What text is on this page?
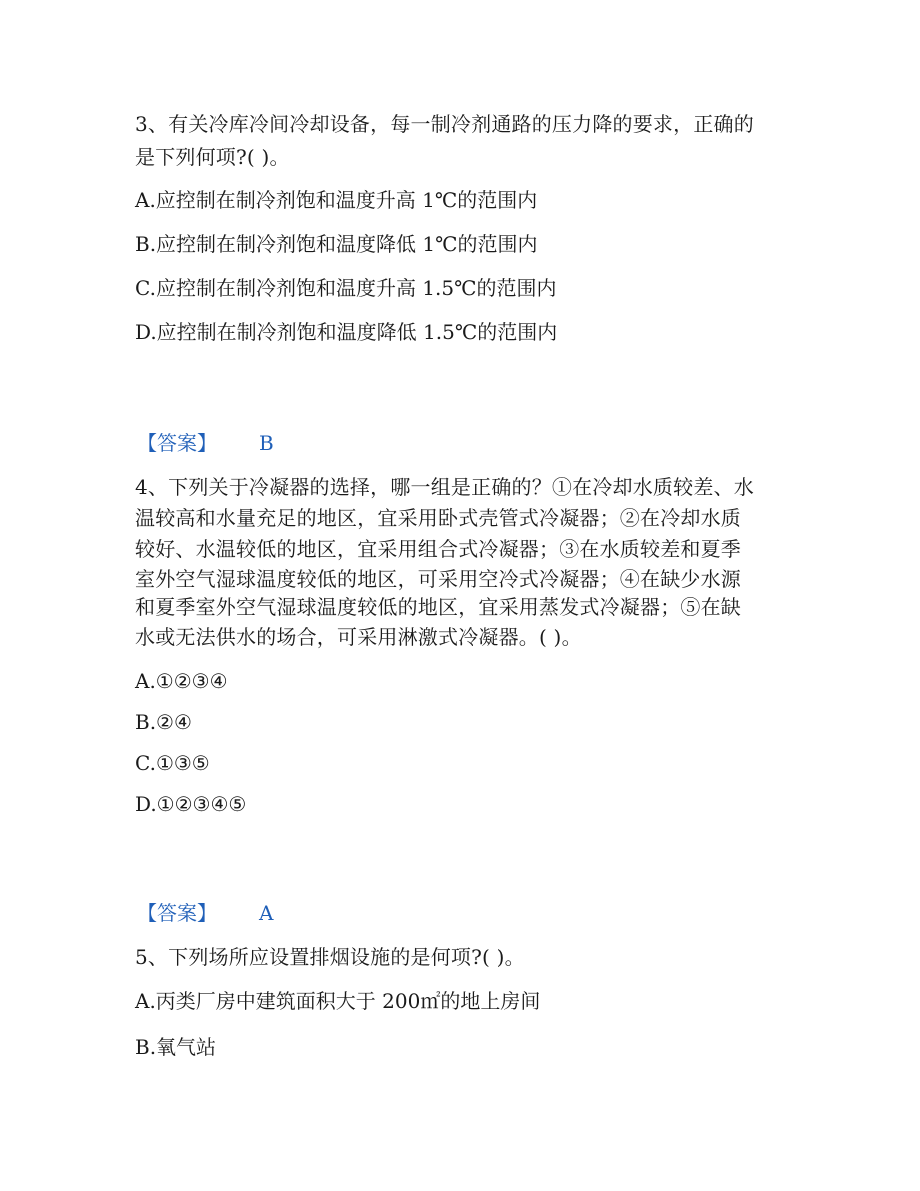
3、有关冷库冷间冷却设备，每一制冷剂通路的压力降的要求，正确的
是下列何项?( )。
A.应控制在制冷剂饱和温度升高 1℃的范围内
B.应控制在制冷剂饱和温度降低 1℃的范围内
C.应控制在制冷剂饱和温度升高 1.5℃的范围内
D.应控制在制冷剂饱和温度降低 1.5℃的范围内
【答案】 B
4、下列关于冷凝器的选择，哪一组是正确的？①在冷却水质较差、水
温较高和水量充足的地区，宜采用卧式壳管式冷凝器；②在冷却水质
较好、水温较低的地区，宜采用组合式冷凝器；③在水质较差和夏季
室外空气湿球温度较低的地区，可采用空冷式冷凝器；④在缺少水源
和夏季室外空气湿球温度较低的地区，宜采用蒸发式冷凝器；⑤在缺
水或无法供水的场合，可采用淋激式冷凝器。( )。
A.①②③④
B.②④
C.①③⑤
D.①②③④⑤
【答案】 A
5、下列场所应设置排烟设施的是何项?( )。
A.丙类厂房中建筑面积大于 200㎡的地上房间
B.氧气站
